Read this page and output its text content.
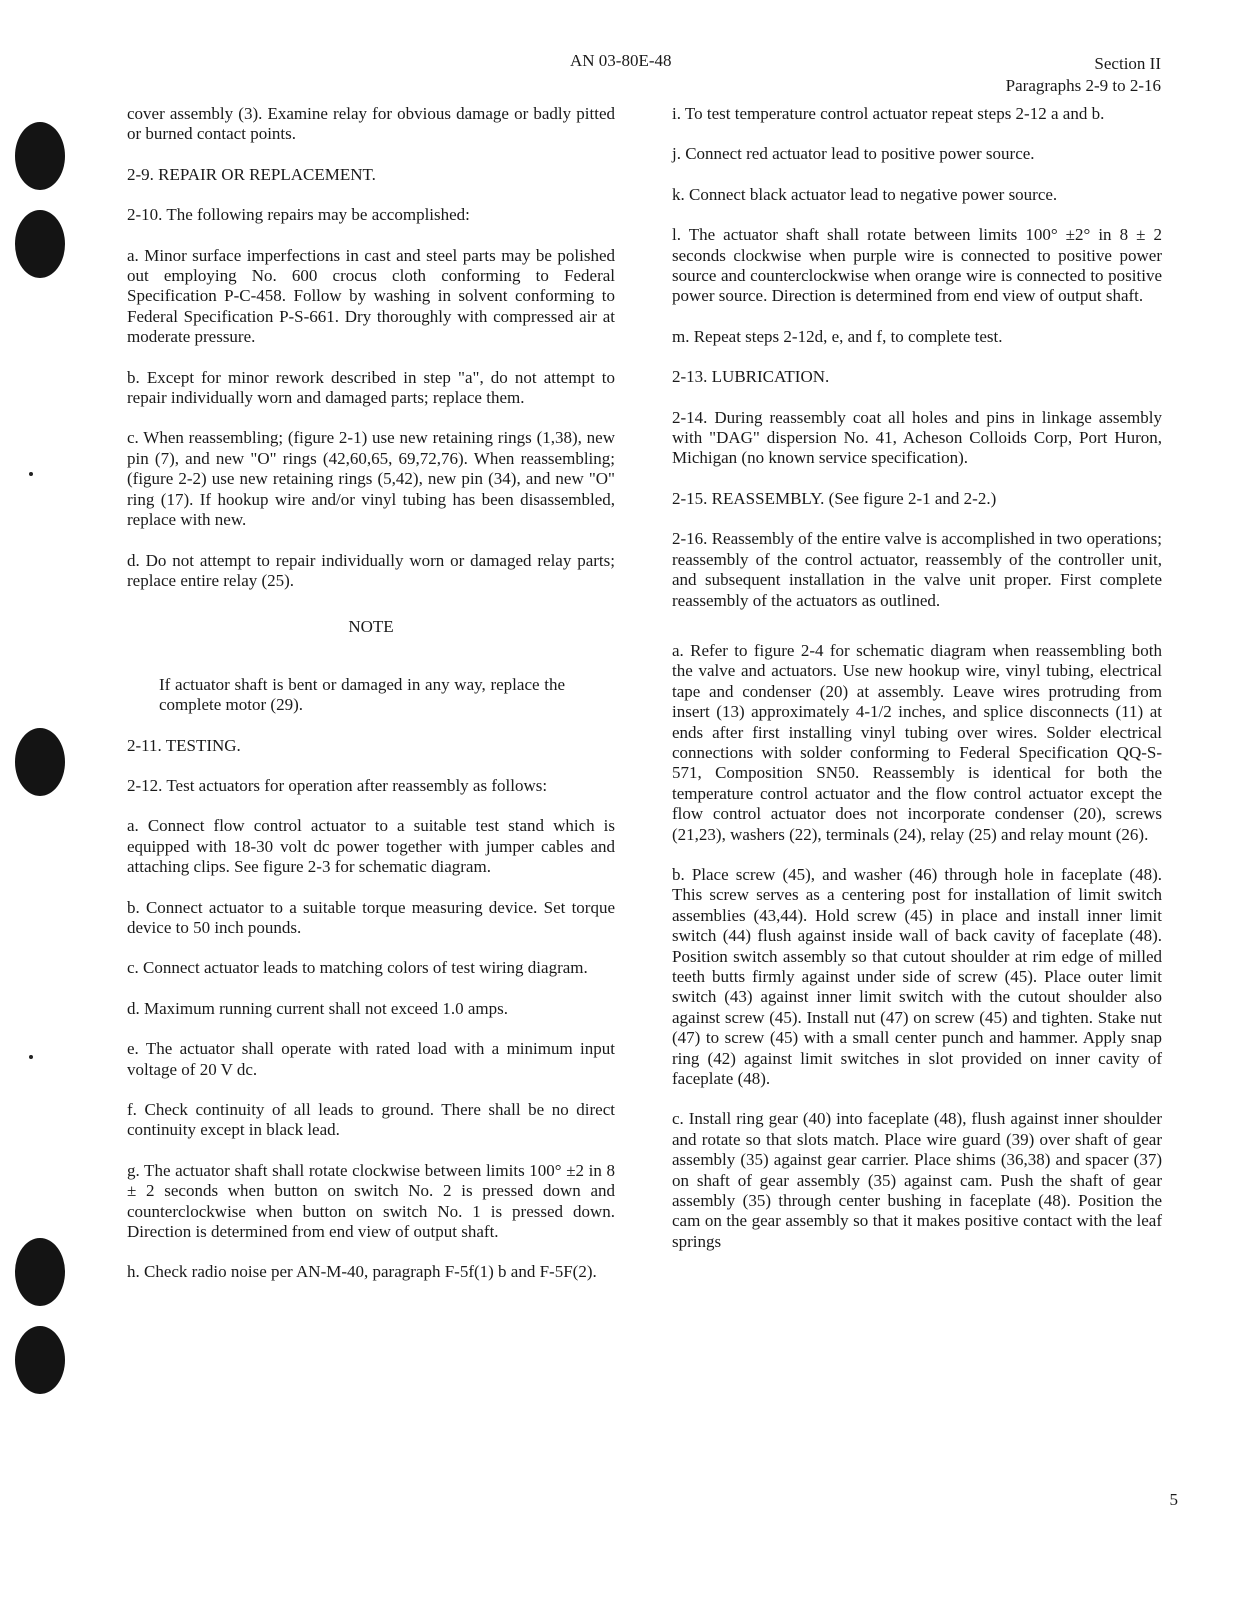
AN 03-80E-48	Section II
Paragraphs 2-9 to 2-16

cover assembly (3). Examine relay for obvious damage or badly pitted or burned contact points.

2-9. REPAIR OR REPLACEMENT.

2-10. The following repairs may be accomplished:

a. Minor surface imperfections in cast and steel parts may be polished out employing No. 600 crocus cloth conforming to Federal Specification P-C-458. Follow by washing in solvent conforming to Federal Specification P-S-661. Dry thoroughly with compressed air at moderate pressure.

b. Except for minor rework described in step "a", do not attempt to repair individually worn and damaged parts; replace them.

c. When reassembling; (figure 2-1) use new retaining rings (1,38), new pin (7), and new "O" rings (42,60,65, 69,72,76). When reassembling; (figure 2-2) use new retaining rings (5,42), new pin (34), and new "O" ring (17). If hookup wire and/or vinyl tubing has been disassembled, replace with new.

d. Do not attempt to repair individually worn or damaged relay parts; replace entire relay (25).

NOTE

If actuator shaft is bent or damaged in any way, replace the complete motor (29).

2-11. TESTING.

2-12. Test actuators for operation after reassembly as follows:

a. Connect flow control actuator to a suitable test stand which is equipped with 18-30 volt dc power together with jumper cables and attaching clips. See figure 2-3 for schematic diagram.

b. Connect actuator to a suitable torque measuring device. Set torque device to 50 inch pounds.

c. Connect actuator leads to matching colors of test wiring diagram.

d. Maximum running current shall not exceed 1.0 amps.

e. The actuator shall operate with rated load with a minimum input voltage of 20 V dc.

f. Check continuity of all leads to ground. There shall be no direct continuity except in black lead.

g. The actuator shaft shall rotate clockwise between limits 100° ±2 in 8 ± 2 seconds when button on switch No. 2 is pressed down and counterclockwise when button on switch No. 1 is pressed down. Direction is determined from end view of output shaft.

h. Check radio noise per AN-M-40, paragraph F-5f(1) b and F-5F(2).

i. To test temperature control actuator repeat steps 2-12 a and b.

j. Connect red actuator lead to positive power source.

k. Connect black actuator lead to negative power source.

l. The actuator shaft shall rotate between limits 100° ±2° in 8 ± 2 seconds clockwise when purple wire is connected to positive power source and counterclockwise when orange wire is connected to positive power source. Direction is determined from end view of output shaft.

m. Repeat steps 2-12d, e, and f, to complete test.

2-13. LUBRICATION.

2-14. During reassembly coat all holes and pins in linkage assembly with "DAG" dispersion No. 41, Acheson Colloids Corp, Port Huron, Michigan (no known service specification).

2-15. REASSEMBLY. (See figure 2-1 and 2-2.)

2-16. Reassembly of the entire valve is accomplished in two operations; reassembly of the control actuator, reassembly of the controller unit, and subsequent installation in the valve unit proper. First complete reassembly of the actuators as outlined.

a. Refer to figure 2-4 for schematic diagram when reassembling both the valve and actuators. Use new hookup wire, vinyl tubing, electrical tape and condenser (20) at assembly. Leave wires protruding from insert (13) approximately 4-1/2 inches, and splice disconnects (11) at ends after first installing vinyl tubing over wires. Solder electrical connections with solder conforming to Federal Specification QQ-S-571, Composition SN50. Reassembly is identical for both the temperature control actuator and the flow control actuator except the flow control actuator does not incorporate condenser (20), screws (21,23), washers (22), terminals (24), relay (25) and relay mount (26).

b. Place screw (45), and washer (46) through hole in faceplate (48). This screw serves as a centering post for installation of limit switch assemblies (43,44). Hold screw (45) in place and install inner limit switch (44) flush against inside wall of back cavity of faceplate (48). Position switch assembly so that cutout shoulder at rim edge of milled teeth butts firmly against under side of screw (45). Place outer limit switch (43) against inner limit switch with the cutout shoulder also against screw (45). Install nut (47) on screw (45) and tighten. Stake nut (47) to screw (45) with a small center punch and hammer. Apply snap ring (42) against limit switches in slot provided on inner cavity of faceplate (48).

c. Install ring gear (40) into faceplate (48), flush against inner shoulder and rotate so that slots match. Place wire guard (39) over shaft of gear assembly (35) against gear carrier. Place shims (36,38) and spacer (37) on shaft of gear assembly (35) against cam. Push the shaft of gear assembly (35) through center bushing in faceplate (48). Position the cam on the gear assembly so that it makes positive contact with the leaf springs

5
